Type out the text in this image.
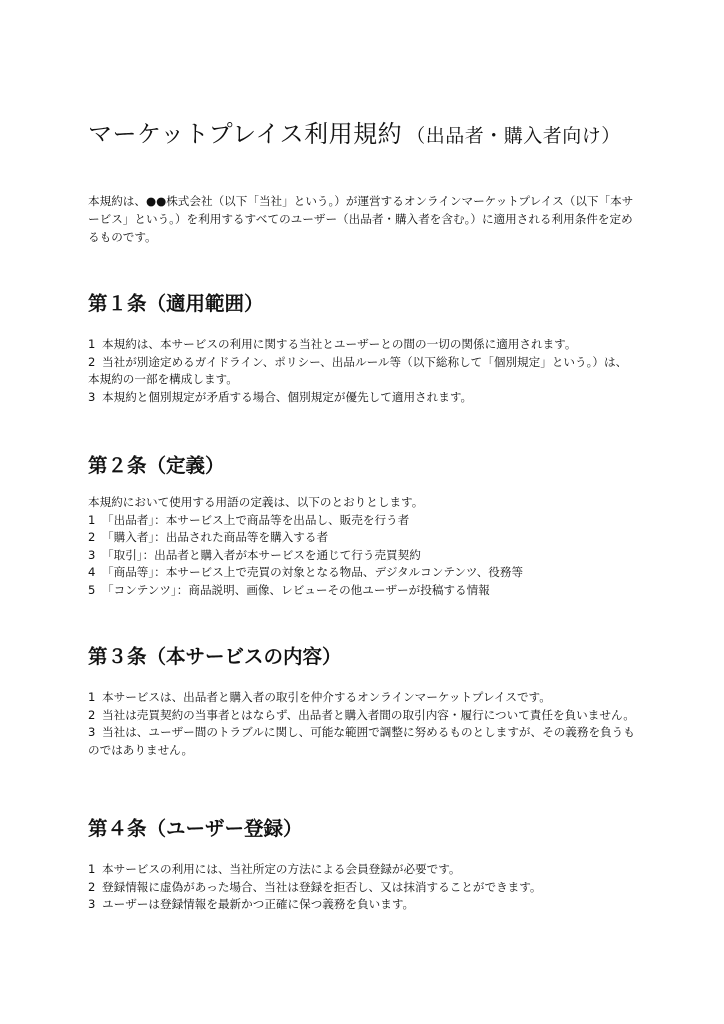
マーケットプレイス利用規約 （出品者・購入者向け）

本規約は、●●株式会社（以下「当社」という。）が運営するオンラインマーケットプレイス（以下「本サービス」という。）を利用するすべてのユーザー（出品者・購入者を含む。）に適用される利用条件を定めるものです。

第１条（適用範囲）
1 本規約は、本サービスの利用に関する当社とユーザーとの間の一切の関係に適用されます。
2 当社が別途定めるガイドライン、ポリシー、出品ルール等（以下総称して「個別規定」という。）は、本規約の一部を構成します。
3 本規約と個別規定が矛盾する場合、個別規定が優先して適用されます。
第２条（定義）

本規約において使用する用語の定義は、以下のとおりとします。

1 「出品者」：本サービス上で商品等を出品し、販売を行う者
2 「購入者」：出品された商品等を購入する者
3 「取引」：出品者と購入者が本サービスを通じて行う売買契約
4 「商品等」：本サービス上で売買の対象となる物品、デジタルコンテンツ、役務等
5 「コンテンツ」：商品説明、画像、レビューその他ユーザーが投稿する情報
第３条（本サービスの内容）
1 本サービスは、出品者と購入者の取引を仲介するオンラインマーケットプレイスです。
2 当社は売買契約の当事者とはならず、出品者と購入者間の取引内容・履行について責任を負いません。
3 当社は、ユーザー間のトラブルに関し、可能な範囲で調整に努めるものとしますが、その義務を負うものではありません。
第４条（ユーザー登録）
1 本サービスの利用には、当社所定の方法による会員登録が必要です。
2 登録情報に虚偽があった場合、当社は登録を拒否し、又は抹消することができます。
3 ユーザーは登録情報を最新かつ正確に保つ義務を負います。
